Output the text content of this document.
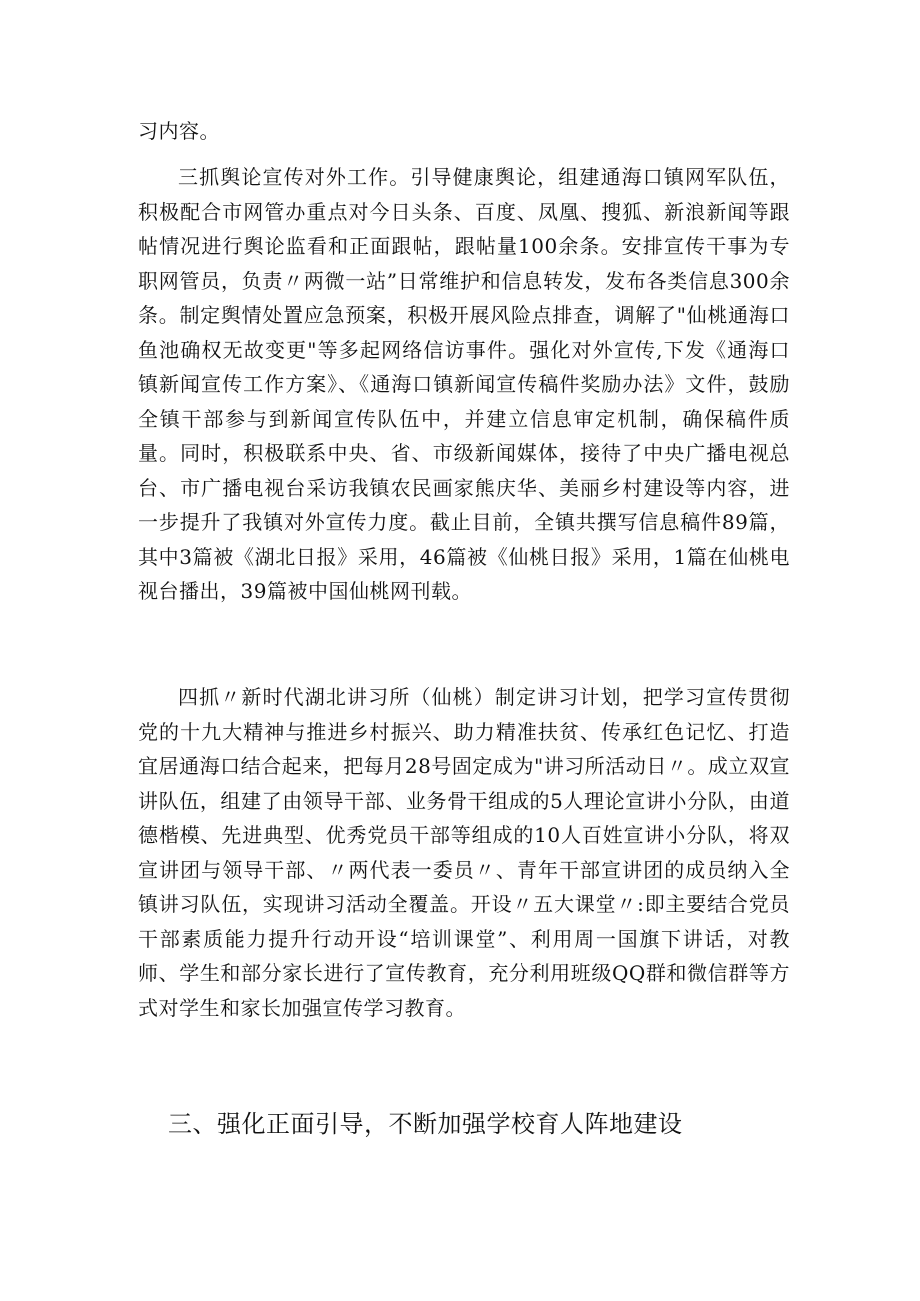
习内容。

三抓舆论宣传对外工作。引导健康舆论，组建通海口镇网军队伍，积极配合市网管办重点对今日头条、百度、凤凰、搜狐、新浪新闻等跟帖情况进行舆论监看和正面跟帖，跟帖量100余条。安排宣传干事为专职网管员，负责〃两微一站”日常维护和信息转发，发布各类信息300余条。制定舆情处置应急预案，积极开展风险点排查，调解了"仙桃通海口鱼池确权无故变更"等多起网络信访事件。强化对外宣传,下发《通海口镇新闻宣传工作方案》、《通海口镇新闻宣传稿件奖励办法》文件，鼓励全镇干部参与到新闻宣传队伍中，并建立信息审定机制，确保稿件质量。同时，积极联系中央、省、市级新闻媒体，接待了中央广播电视总台、市广播电视台采访我镇农民画家熊庆华、美丽乡村建设等内容，进一步提升了我镇对外宣传力度。截止目前，全镇共撰写信息稿件89篇，其中3篇被《湖北日报》采用，46篇被《仙桃日报》采用，1篇在仙桃电视台播出，39篇被中国仙桃网刊载。

四抓〃新时代湖北讲习所（仙桃）制定讲习计划，把学习宣传贯彻党的十九大精神与推进乡村振兴、助力精准扶贫、传承红色记忆、打造宜居通海口结合起来，把每月28号固定成为"讲习所活动日〃。成立双宣讲队伍，组建了由领导干部、业务骨干组成的5人理论宣讲小分队，由道德楷模、先进典型、优秀党员干部等组成的10人百姓宣讲小分队，将双宣讲团与领导干部、〃两代表一委员〃、青年干部宣讲团的成员纳入全镇讲习队伍，实现讲习活动全覆盖。开设〃五大课堂〃:即主要结合党员干部素质能力提升行动开设“培训课堂”、利用周一国旗下讲话，对教师、学生和部分家长进行了宣传教育，充分利用班级QQ群和微信群等方式对学生和家长加强宣传学习教育。

三、强化正面引导，不断加强学校育人阵地建设
